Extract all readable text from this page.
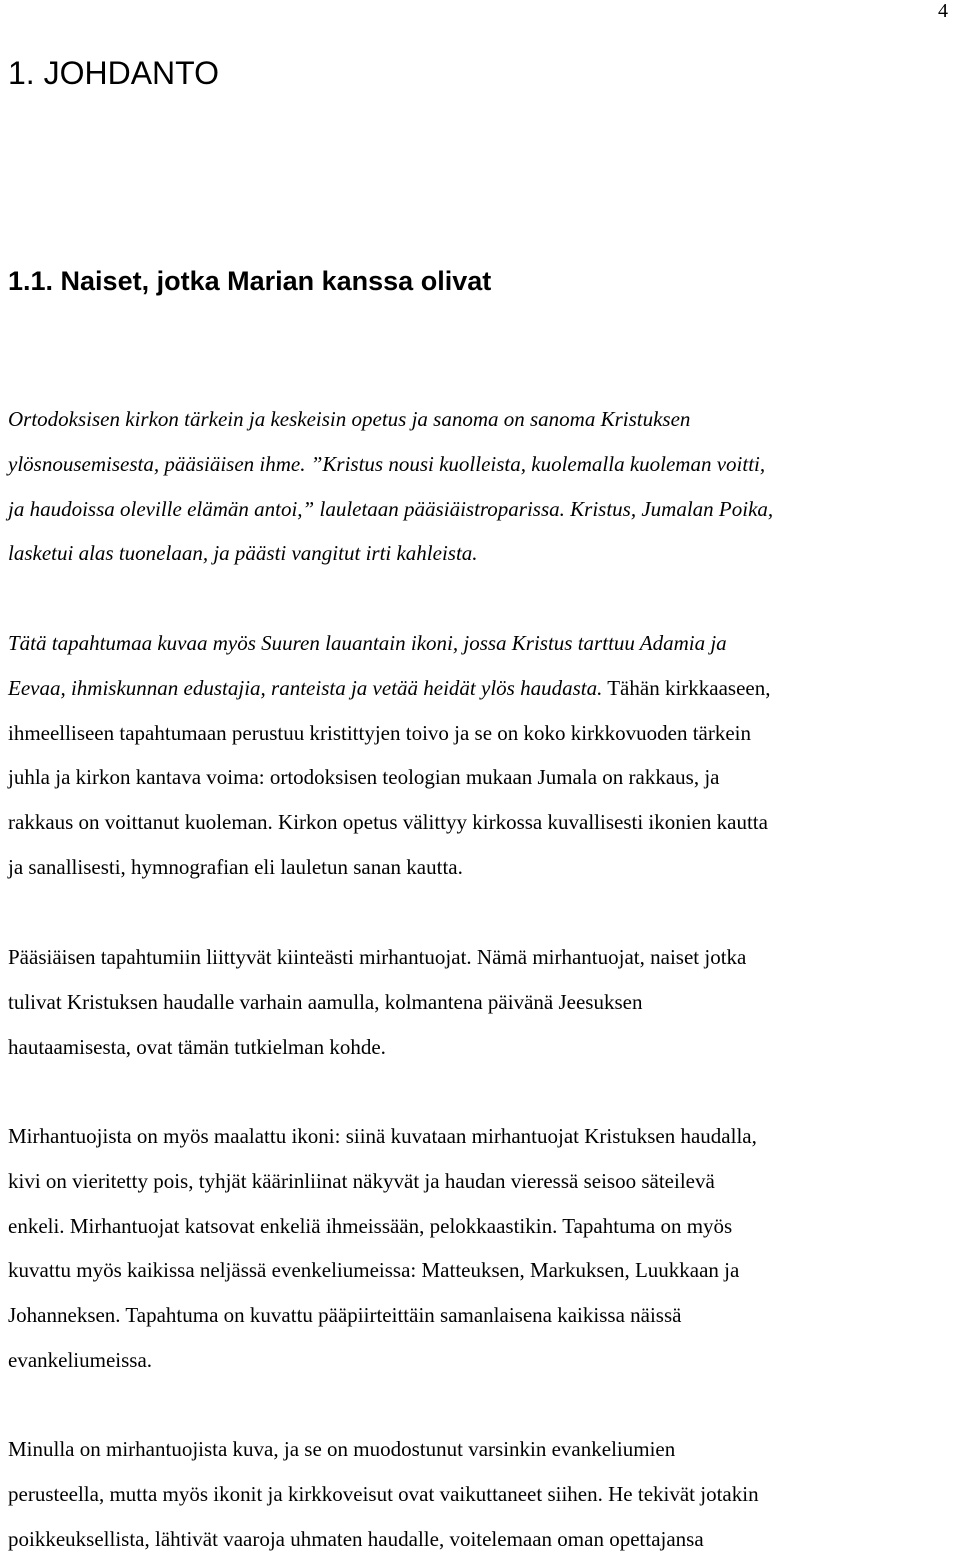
4
1. JOHDANTO
1.1. Naiset, jotka Marian kanssa olivat

Ortodoksisen kirkon tärkein ja keskeisin opetus ja sanoma on sanoma Kristuksen
ylösnousemisesta, pääsiäisen ihme. ”Kristus nousi kuolleista, kuolemalla kuoleman voitti,
ja haudoissa oleville elämän antoi,” lauletaan pääsiäistroparissa. Kristus, Jumalan Poika,
lasketui alas tuonelaan, ja päästi vangitut irti kahleista.

Tätä tapahtumaa kuvaa myös Suuren lauantain ikoni, jossa Kristus tarttuu Adamia ja
Eevaa, ihmiskunnan edustajia, ranteista ja vetää heidät ylös haudasta. Tähän kirkkaaseen,
ihmeelliseen tapahtumaan perustuu kristittyjen toivo ja se on koko kirkkovuoden tärkein
juhla ja kirkon kantava voima: ortodoksisen teologian mukaan Jumala on rakkaus, ja
rakkaus on voittanut kuoleman. Kirkon opetus välittyy kirkossa kuvallisesti ikonien kautta
ja sanallisesti, hymnografian eli lauletun sanan kautta.

Pääsiäisen tapahtumiin liittyvät kiinteästi mirhantuojat. Nämä mirhantuojat, naiset jotka
tulivat Kristuksen haudalle varhain aamulla, kolmantena päivänä Jeesuksen
hautaamisesta, ovat tämän tutkielman kohde.

Mirhantuojista on myös maalattu ikoni: siinä kuvataan mirhantuojat Kristuksen haudalla,
kivi on vieritetty pois, tyhjät käärinliinat näkyvät ja haudan vieressä seisoo säteilevä
enkeli. Mirhantuojat katsovat enkeliä ihmeissään, pelokkaastikin. Tapahtuma on myös
kuvattu myös kaikissa neljässä evenkeliumeissa: Matteuksen, Markuksen, Luukkaan ja
Johanneksen. Tapahtuma on kuvattu pääpiirteittäin samanlaisena kaikissa näissä
evankeliumeissa.

Minulla on mirhantuojista kuva, ja se on muodostunut varsinkin evankeliumien
perusteella, mutta myös ikonit ja kirkkoveisut ovat vaikuttaneet siihen. He tekivät jotakin
poikkeuksellista, lähtivät vaaroja uhmaten haudalle, voitelemaan oman opettajansa
